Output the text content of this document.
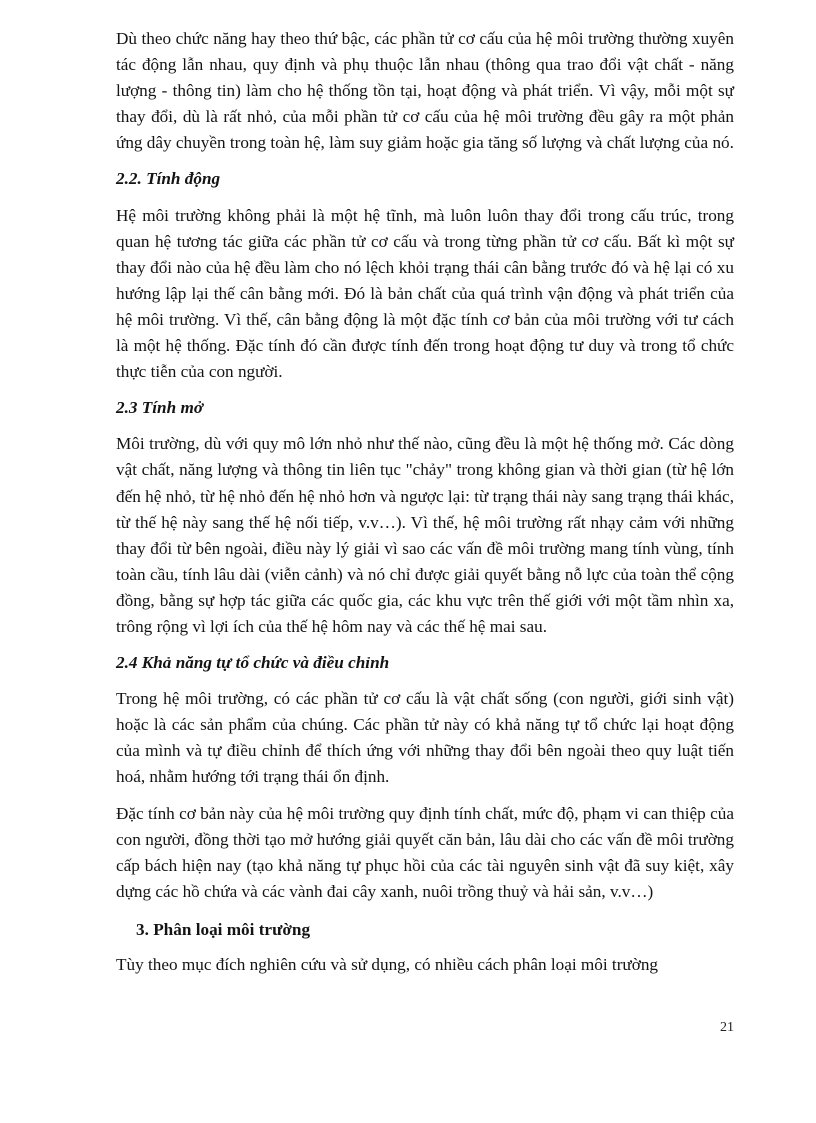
Dù theo chức năng hay theo thứ bậc, các phần tử cơ cấu của hệ môi trường thường xuyên tác động lẫn nhau, quy định và phụ thuộc lẫn nhau (thông qua trao đổi vật chất - năng lượng - thông tin) làm cho hệ thống tồn tại, hoạt động và phát triển. Vì vậy, mỗi một sự thay đổi, dù là rất nhỏ, của mỗi phần tử cơ cấu của hệ môi trường đều gây ra một phản ứng dây chuyền trong toàn hệ, làm suy giảm hoặc gia tăng số lượng và chất lượng của nó.

2.2. Tính động

Hệ môi trường không phải là một hệ tĩnh, mà luôn luôn thay đổi trong cấu trúc, trong quan hệ tương tác giữa các phần tử cơ cấu và trong từng phần tử cơ cấu. Bất kì một sự thay đổi nào của hệ đều làm cho nó lệch khỏi trạng thái cân bằng trước đó và hệ lại có xu hướng lập lại thế cân bằng mới. Đó là bản chất của quá trình vận động và phát triển của hệ môi trường. Vì thế, cân bằng động là một đặc tính cơ bản của môi trường với tư cách là một hệ thống. Đặc tính đó cần được tính đến trong hoạt động tư duy và trong tổ chức thực tiễn của con người.

2.3 Tính mở

Môi trường, dù với quy mô lớn nhỏ như thế nào, cũng đều là một hệ thống mở. Các dòng vật chất, năng lượng và thông tin liên tục "chảy" trong không gian và thời gian (từ hệ lớn đến hệ nhỏ, từ hệ nhỏ đến hệ nhỏ hơn và ngược lại: từ trạng thái này sang trạng thái khác, từ thế hệ này sang thế hệ nối tiếp, v.v…). Vì thế, hệ môi trường rất nhạy cảm với những thay đổi từ bên ngoài, điều này lý giải vì sao các vấn đề môi trường mang tính vùng, tính toàn cầu, tính lâu dài (viễn cảnh) và nó chỉ được giải quyết bằng nỗ lực của toàn thể cộng đồng, bằng sự hợp tác giữa các quốc gia, các khu vực trên thế giới với một tầm nhìn xa, trông rộng vì lợi ích của thế hệ hôm nay và các thế hệ mai sau.

2.4 Khả năng tự tổ chức và điều chỉnh

Trong hệ môi trường, có các phần tử cơ cấu là vật chất sống (con người, giới sinh vật) hoặc là các sản phẩm của chúng. Các phần tử này có khả năng tự tổ chức lại hoạt động của mình và tự điều chỉnh để thích ứng với những thay đổi bên ngoài theo quy luật tiến hoá, nhằm hướng tới trạng thái ổn định.

Đặc tính cơ bản này của hệ môi trường quy định tính chất, mức độ, phạm vi can thiệp của con người, đồng thời tạo mở hướng giải quyết căn bản, lâu dài cho các vấn đề môi trường cấp bách hiện nay (tạo khả năng tự phục hồi của các tài nguyên sinh vật đã suy kiệt, xây dựng các hồ chứa và các vành đai cây xanh, nuôi trồng thuỷ và hải sản, v.v…)

3. Phân loại môi trường

Tùy theo mục đích nghiên cứu và sử dụng, có nhiều cách phân loại môi trường

21
